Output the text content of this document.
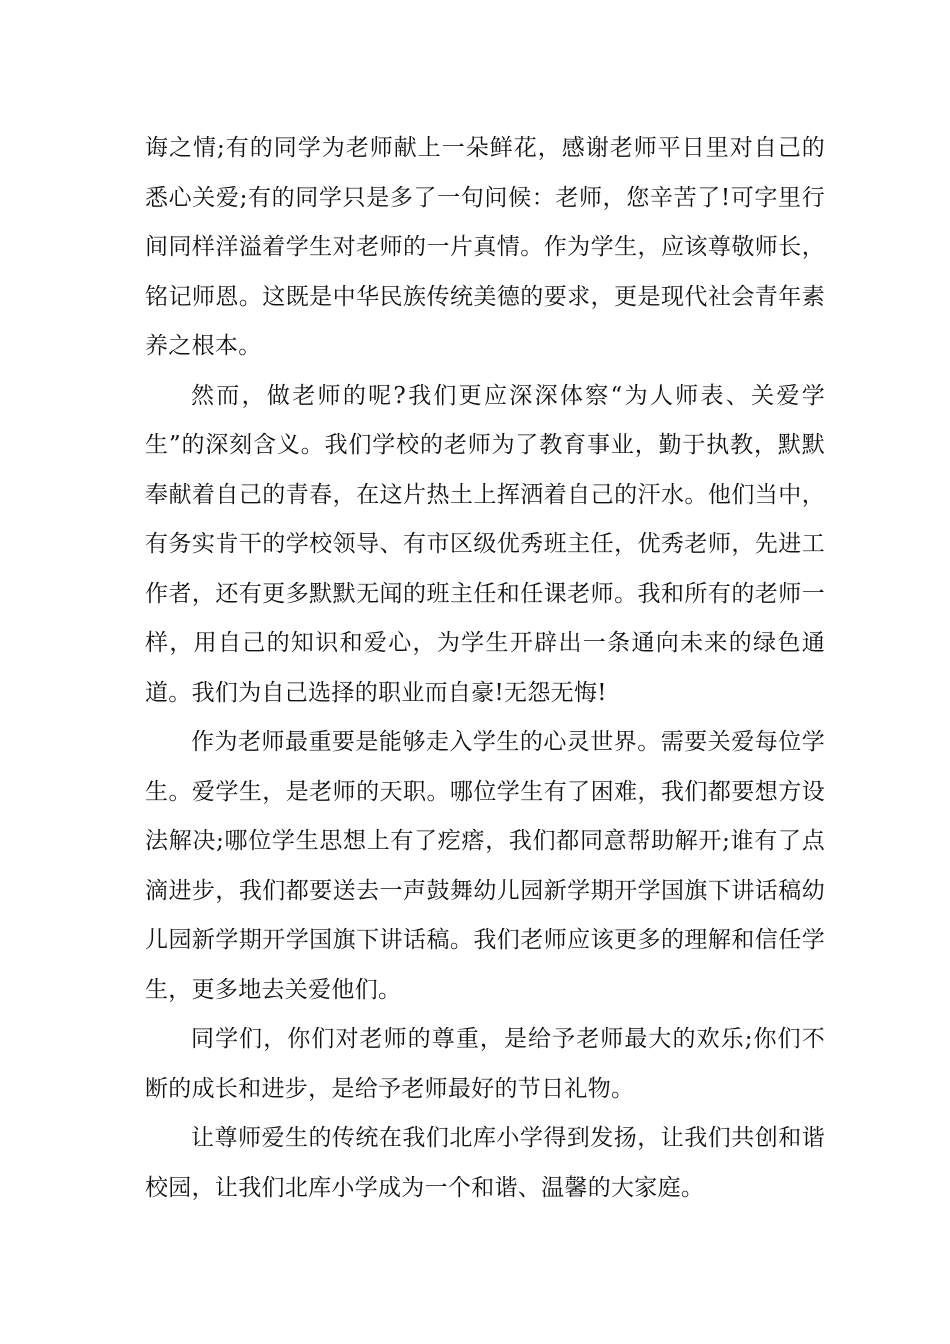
诲之情;有的同学为老师献上一朵鲜花，感谢老师平日里对自己的悉心关爱;有的同学只是多了一句问候：老师，您辛苦了!可字里行间同样洋溢着学生对老师的一片真情。作为学生，应该尊敬师长，铭记师恩。这既是中华民族传统美德的要求，更是现代社会青年素养之根本。

然而，做老师的呢?我们更应深深体察“为人师表、关爱学生”的深刻含义。我们学校的老师为了教育事业，勤于执教，默默奉献着自己的青春，在这片热土上挥洒着自己的汗水。他们当中，有务实肯干的学校领导、有市区级优秀班主任，优秀老师，先进工作者，还有更多默默无闻的班主任和任课老师。我和所有的老师一样，用自己的知识和爱心，为学生开辟出一条通向未来的绿色通道。我们为自己选择的职业而自豪!无怨无悔!

作为老师最重要是能够走入学生的心灵世界。需要关爱每位学生。爱学生，是老师的天职。哪位学生有了困难，我们都要想方设法解决;哪位学生思想上有了疙瘩，我们都同意帮助解开;谁有了点滴进步，我们都要送去一声鼓舞幼儿园新学期开学国旗下讲话稿幼儿园新学期开学国旗下讲话稿。我们老师应该更多的理解和信任学生，更多地去关爱他们。

同学们，你们对老师的尊重，是给予老师最大的欢乐;你们不断的成长和进步，是给予老师最好的节日礼物。

让尊师爱生的传统在我们北库小学得到发扬，让我们共创和谐校园，让我们北库小学成为一个和谐、温馨的大家庭。
